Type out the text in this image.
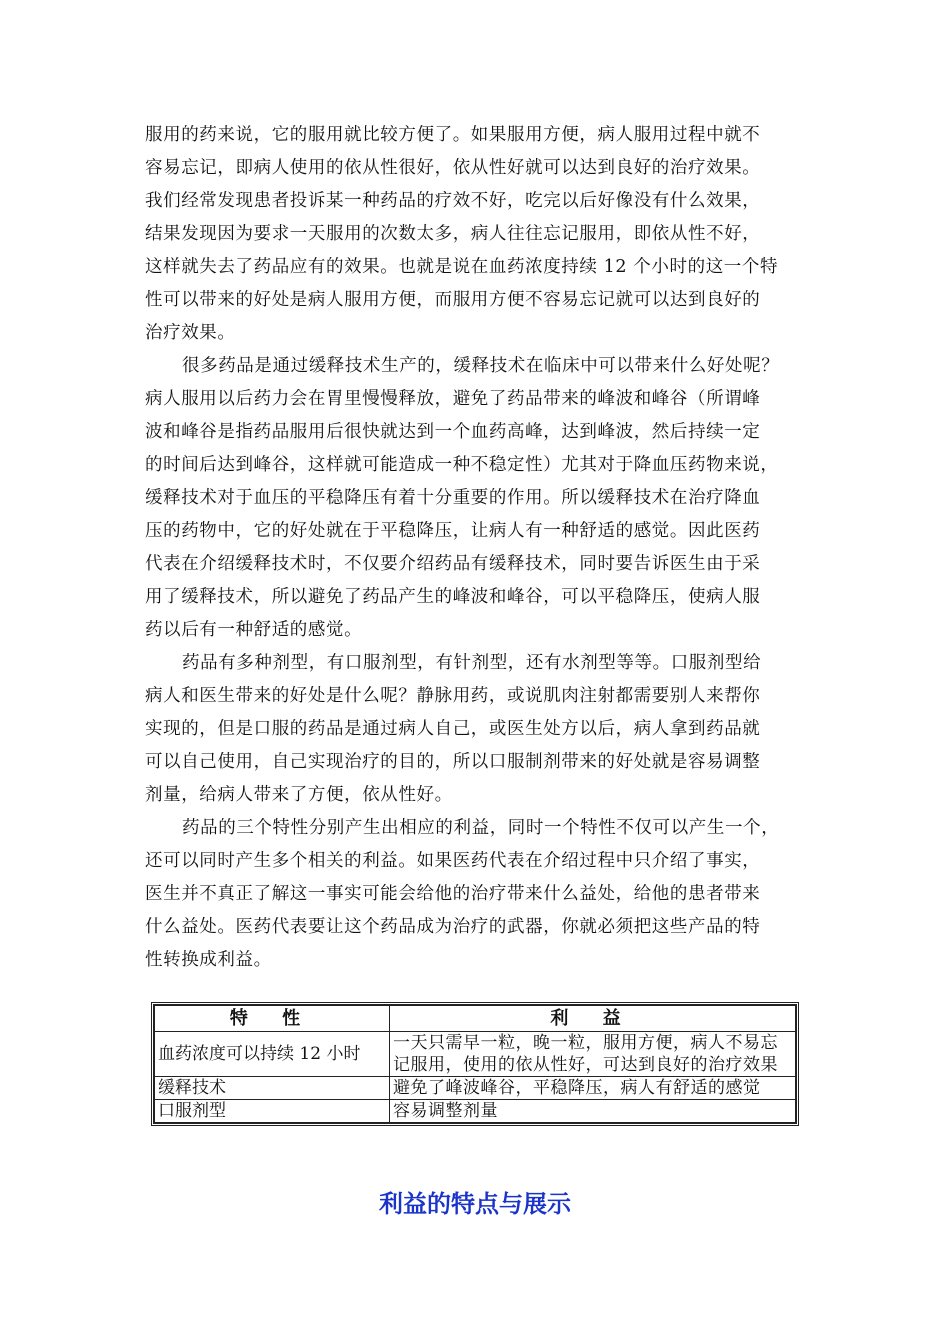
服用的药来说，它的服用就比较方便了。如果服用方便，病人服用过程中就不
容易忘记，即病人使用的依从性很好，依从性好就可以达到良好的治疗效果。
我们经常发现患者投诉某一种药品的疗效不好，吃完以后好像没有什么效果，
结果发现因为要求一天服用的次数太多，病人往往忘记服用，即依从性不好，
这样就失去了药品应有的效果。也就是说在血药浓度持续 12 个小时的这一个特
性可以带来的好处是病人服用方便，而服用方便不容易忘记就可以达到良好的
治疗效果。
很多药品是通过缓释技术生产的，缓释技术在临床中可以带来什么好处呢？
病人服用以后药力会在胃里慢慢释放，避免了药品带来的峰波和峰谷（所谓峰
波和峰谷是指药品服用后很快就达到一个血药高峰，达到峰波，然后持续一定
的时间后达到峰谷，这样就可能造成一种不稳定性）尤其对于降血压药物来说，
缓释技术对于血压的平稳降压有着十分重要的作用。所以缓释技术在治疗降血
压的药物中，它的好处就在于平稳降压，让病人有一种舒适的感觉。因此医药
代表在介绍缓释技术时，不仅要介绍药品有缓释技术，同时要告诉医生由于采
用了缓释技术，所以避免了药品产生的峰波和峰谷，可以平稳降压，使病人服
药以后有一种舒适的感觉。
药品有多种剂型，有口服剂型，有针剂型，还有水剂型等等。口服剂型给
病人和医生带来的好处是什么呢？静脉用药，或说肌肉注射都需要别人来帮你
实现的，但是口服的药品是通过病人自己，或医生处方以后，病人拿到药品就
可以自己使用，自己实现治疗的目的，所以口服制剂带来的好处就是容易调整
剂量，给病人带来了方便，依从性好。
药品的三个特性分别产生出相应的利益，同时一个特性不仅可以产生一个，
还可以同时产生多个相关的利益。如果医药代表在介绍过程中只介绍了事实，
医生并不真正了解这一事实可能会给他的治疗带来什么益处，给他的患者带来
什么益处。医药代表要让这个药品成为治疗的武器，你就必须把这些产品的特
性转换成利益。
特 性	利 益
血药浓度可以持续 12 小时	一天只需早一粒，晚一粒，服用方便，病人不易忘记服用，使用的依从性好，可达到良好的治疗效果
缓释技术	避免了峰波峰谷，平稳降压，病人有舒适的感觉
口服剂型	容易调整剂量
利益的特点与展示
